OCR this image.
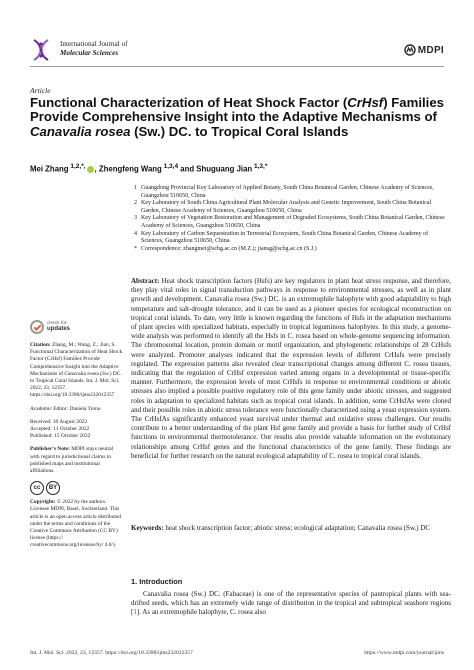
International Journal of
Molecular Sciences	MDPI
Article
Functional Characterization of Heat Shock Factor (CrHsf) Families Provide Comprehensive Insight into the Adaptive Mechanisms of Canavalia rosea (Sw.) DC. to Tropical Coral Islands
Mei Zhang $^{1,2,*,}$ , Zhengfeng Wang $^{1,3,4}$ and Shuguang Jian $^{1,3,*}$
1 Guangdong Provincial Key Laboratory of Applied Botany, South China Botanical Garden, Chinese Academy of Sciences, Guangzhou 510650, China
2 Key Laboratory of South China Agricultural Plant Molecular Analysis and Genetic Improvement, South China Botanical Garden, Chinese Academy of Sciences, Guangzhou 510650, China
3 Key Laboratory of Vegetation Restoration and Management of Degraded Ecosystems, South China Botanical Garden, Chinese Academy of Sciences, Guangzhou 510650, China
4 Key Laboratory of Carbon Sequestration in Terrestrial Ecosystem, South China Botanical Garden, Chinese Academy of Sciences, Guangzhou 510650, China
* Correspondence: zhangmei@scbg.ac.cn (M.Z.); jiansg@scbg.ac.cn (S.J.)
Abstract: Heat shock transcription factors (Hsfs) are key regulators in plant heat stress response, and therefore, they play vital roles in signal transduction pathways in response to environmental stresses, as well as in plant growth and development. Canavalia rosea (Sw.) DC. is an extremophile halophyte with good adaptability to high temperature and salt-drought tolerance, and it can be used as a pioneer species for ecological reconstruction on tropical coral islands. To date, very little is known regarding the functions of Hsfs in the adaptation mechanisms of plant species with specialized habitats, especially in tropical leguminous halophytes. In this study, a genome-wide analysis was performed to identify all the Hsfs in C. rosea based on whole-genome sequencing information. The chromosomal location, protein domain or motif organization, and phylogenetic relationships of 28 CrHsfs were analyzed. Promoter analyses indicated that the expression levels of different CrHsfs were precisely regulated. The expression patterns also revealed clear transcriptional changes among different C. rosea tissues, indicating that the regulation of CrHsf expression varied among organs in a developmental or tissue-specific manner. Furthermore, the expression levels of most CrHsfs in response to environmental conditions or abiotic stresses also implied a possible positive regulatory role of this gene family under abiotic stresses, and suggested roles in adaptation to specialized habitats such as tropical coral islands. In addition, some CrHsfAs were cloned and their possible roles in abiotic stress tolerance were functionally characterized using a yeast expression system. The CrHsfAs significantly enhanced yeast survival under thermal and oxidative stress challenges. Our results contribute to a better understanding of the plant Hsf gene family and provide a basis for further study of CrHsf functions in environmental thermotolerance. Our results also provide valuable information on the evolutionary relationships among CrHsf genes and the functional characteristics of the gene family. These findings are beneficial for further research on the natural ecological adaptability of C. rosea to tropical coral islands.
Keywords: heat shock transcription factor; abiotic stress; ecological adaptation; Canavalia rosea (Sw.) DC
check for
updates

Citation: Zhang, M.; Wang, Z.; Jian, S. Functional Characterization of Heat Shock Factor (CrHsf) Families Provide Comprehensive Insight into the Adaptive Mechanisms of Canavalia rosea (Sw.) DC. to Tropical Coral Islands. Int. J. Mol. Sci. 2022, 23, 12357. https://doi.org/10.3390/ijms232012357

Academic Editor: Daniela Trono

Received: 30 August 2022
Accepted: 11 October 2022
Published: 15 October 2022

Publisher’s Note: MDPI stays neutral with regard to jurisdictional claims in published maps and institutional affiliations.

cc	BY

Copyright: © 2022 by the authors. Licensee MDPI, Basel, Switzerland. This article is an open access article distributed under the terms and conditions of the Creative Commons Attribution (CC BY) license (https:// creativecommons.org/licenses/by/ 4.0/).

1. Introduction
Canavalia rosea (Sw.) DC. (Fabaceae) is one of the representative species of pantropical plants with sea-drifted seeds, which has an extremely wide range of distribution in the tropical and subtropical seashore regions [1]. As an extremophile halophyte, C. rosea also
Int. J. Mol. Sci. 2022, 23, 12357. https://doi.org/10.3390/ijms232012357	https://www.mdpi.com/journal/ijms
